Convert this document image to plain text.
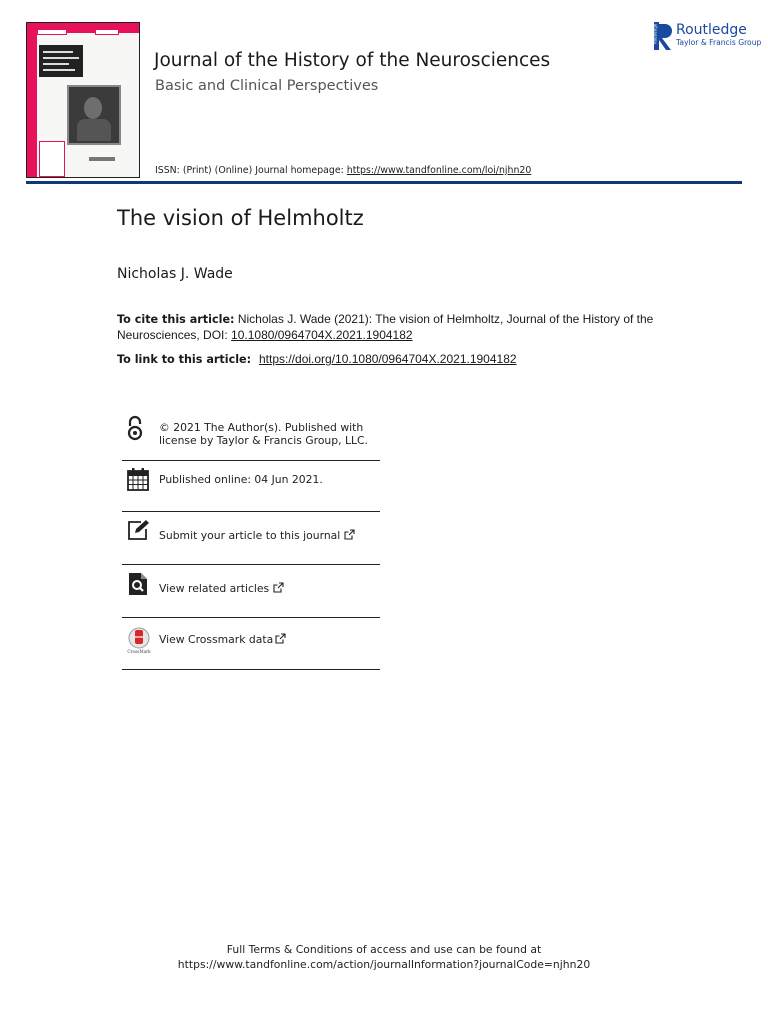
Journal of the History of the Neurosciences
Basic and Clinical Perspectives
ISSN: (Print) (Online) Journal homepage: https://www.tandfonline.com/loi/njhn20
Routledge Routledge
Taylor & Francis Group
The vision of Helmholtz
Nicholas J. Wade
To cite this article: Nicholas J. Wade (2021): The vision of Helmholtz, Journal of the History of the Neurosciences, DOI: 10.1080/0964704X.2021.1904182
To link to this article: https://doi.org/10.1080/0964704X.2021.1904182
© 2021 The Author(s). Published with
license by Taylor & Francis Group, LLC.
Published online: 04 Jun 2021.
Submit your article to this journal
View related articles
CrossMark
View Crossmark data
Full Terms & Conditions of access and use can be found at
https://www.tandfonline.com/action/journalInformation?journalCode=njhn20
